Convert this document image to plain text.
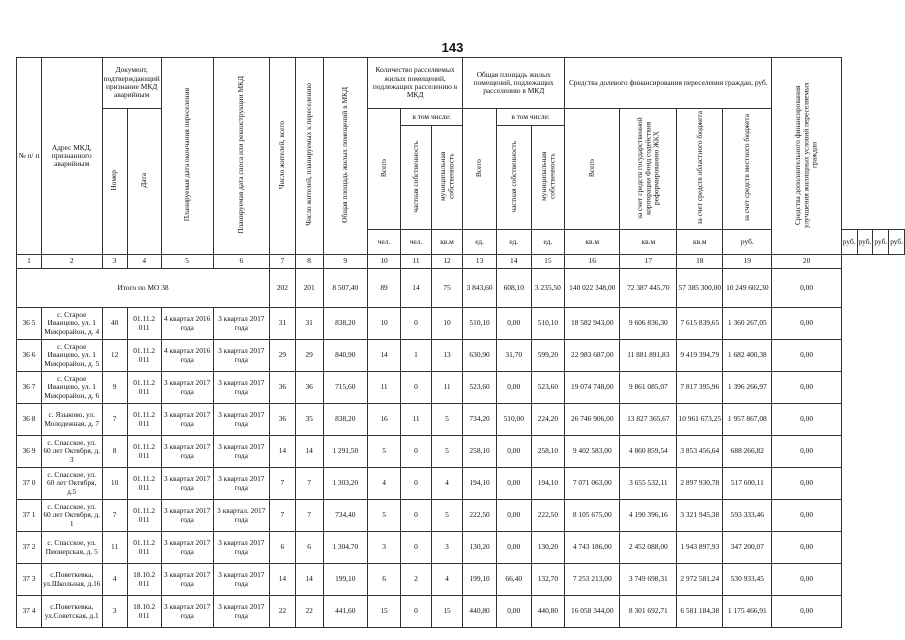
143
№ п/ п	Адрес МКД, признанного аварийным	Документ, подтверждающий признание МКД аварийным		Планируемая дата окончания переселения	Планируемая дата сноса или реконструкции МКД	Число жителей, всего	Число жителей, планируемых к переселению	Общая площадь жилых помещений в МКД	Количество расселяемых жилых помещений, подлежащих расселению в МКД			Общая площадь жилых помещений, подлежащих расселению в МКД			Средства долевого финансирования переселения граждан, руб.				Средства дополнительного финансирования улучшения жилищных условий переселяемых граждан				
		Номер	Дата						Всего	в том числе:		Всего	в том числе:		Всего	за счет средств государственной корпорации Фонд содействия реформированию ЖКХ	за счет средств областного бюджета	за счет средств местного бюджета					
										частная собственность	муниципальная собственность		частная собственность	муниципальная собственность									
									чел.	чел.	кв.м	ед.	ед.	ед.	кв.м	кв.м	кв.м	руб.		руб.	руб.	руб.	руб.
1	2	3	4	5	6	7	8	9	10	11	12	13	14	15	16	17	18	19	20				
Итого по МО 38						202	201	8 507,40	89	14	75	3 843,60	608,10	3 235,50	140 022 348,00	72 387 445,70	57 385 300,00	10 249 602,30	0,00				
36 5	с. Старое Иванцево, ул. 1 Микрорайон, д. 4	40	01.11.2 011	4 квартал 2016 года	3 квартал 2017 года	31	31	838,20	10	0	10	510,10	0,00	510,10	18 582 943,00	9 606 836,30	7 615 839,65	1 360 267,05	0,00				
36 6	с. Старое Иванцево, ул. 1 Микрорайон, д. 5	12	01.11.2 011	4 квартал 2016 года	3 квартал 2017 года	29	29	840,90	14	1	13	630,90	31,70	599,20	22 983 687,00	11 881 891,83	9 419 394,79	1 682 400,38	0,00				
36 7	с. Старое Иванцево, ул. 1 Микрорайон, д. 6	9	01.11.2 011	3 квартал 2017 года	3 квартал 2017 года	36	36	715,60	11	0	11	523,60	0,00	523,60	19 074 748,00	9 861 085,07	7 817 395,96	1 396 266,97	0,00				
36 8	с. Языково, ул. Молодежная, д. 7	7	01.11.2 011	3 квартал 2017 года	3 квартал 2017 года	36	35	838,20	16	11	5	734,20	510,00	224,20	26 746 906,00	13 827 365,67	10 961 673,25	1 957 867,08	0,00				
36 9	с. Спасское, ул. 60 лет Октября, д. 3	8	01.11.2 011	3 квартал 2017 года	3 квартал 2017 года	14	14	1 291,50	5	0	5	258,10	0,00	258,10	9 402 583,00	4 860 859,54	3 853 456,64	688 266,82	0,00				
37 0	с. Спасское, ул. 60 лет Октября, д.5	10	01.11.2 011	3 квартал 2017 года	3 квартал 2017 года	7	7	1 303,20	4	0	4	194,10	0,00	194,10	7 071 063,00	3 655 532,11	2 897 930,78	517 600,11	0,00				
37 1	с. Спасское, ул. 60 лет Октября, д. 1	7	01.11.2 011	3 квартал 2017 года	3 квартал. 2017 года	7	7	734,40	5	0	5	222,50	0,00	222,50	8 105 675,00	4 190 396,16	3 321 945,38	593 333,46	0,00				
37 2	с. Спасское, ул. Пионерская, д. 5	11	01.11.2 011	3 квартал 2017 года	3 квартал 2017 года	6	6	1 304,70	3	0	3	130,20	0,00	130,20	4 743 186,00	2 452 088,00	1 943 897,93	347 200,07	0,00				
37 3	с.Поветкевка, ул.Школьная, д.16	4	18.10.2 011	3 квартал 2017 года	3 квартал 2017 года	14	14	199,10	6	2	4	199,10	66,40	132,70	7 253 213,00	3 749 698,31	2 972 581,24	530 933,45	0,00				
37 4	с.Поветкевка, ул.Советская, д.1	3	18.10.2 011	3 квартал 2017 года	3 квартал 2017 года	22	22	441,60	15	0	15	440,80	0,00	440,80	16 058 344,00	8 301 692,71	6 581 184,38	1 175 466,91	0,00				
